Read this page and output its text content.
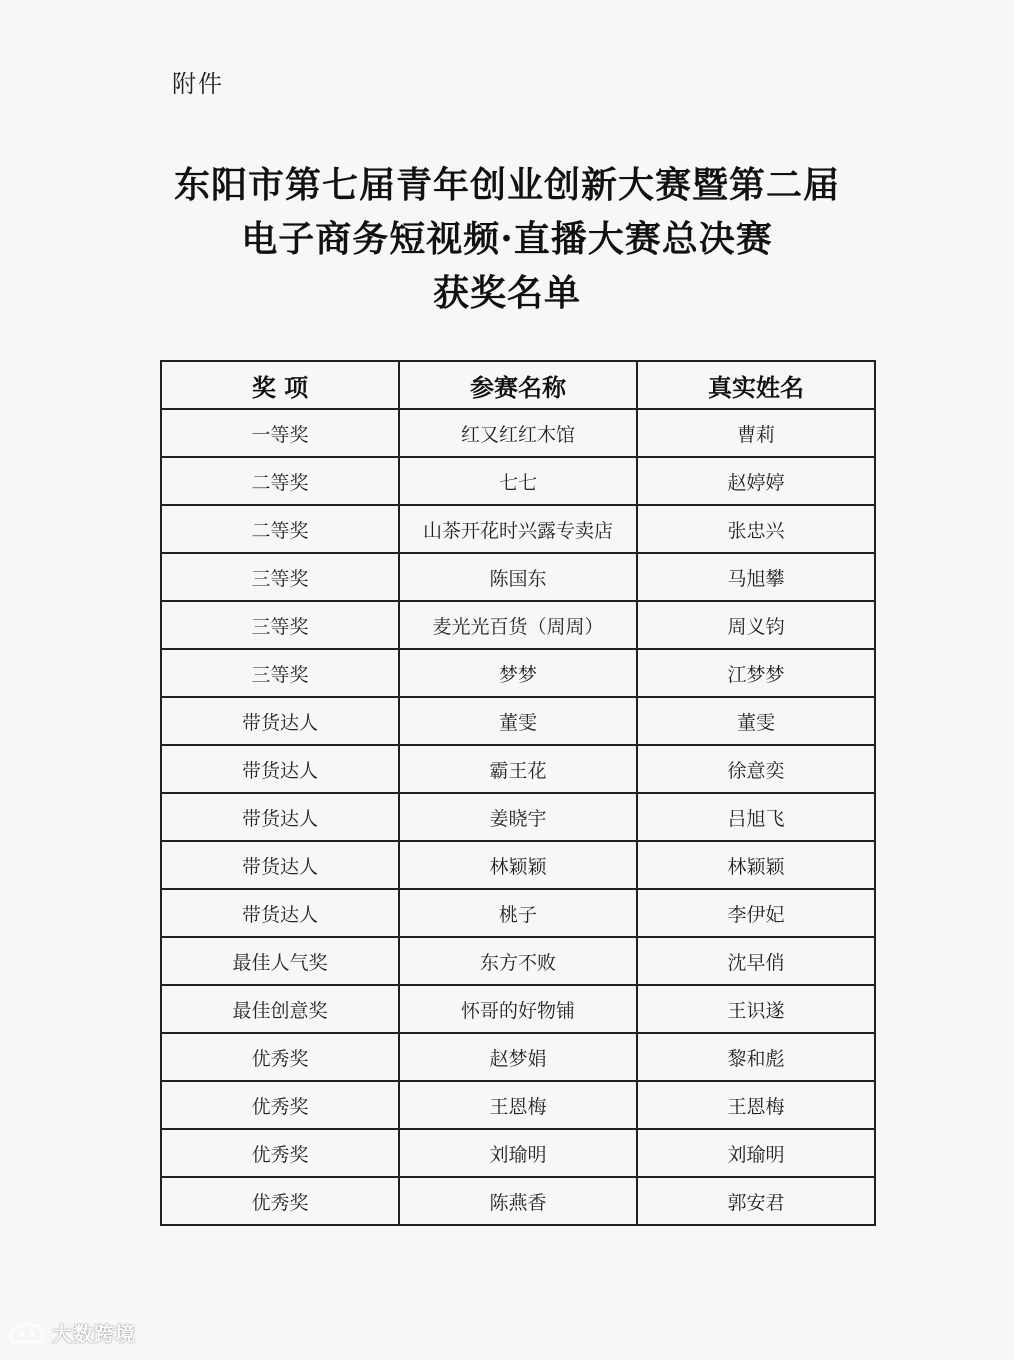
附件
东阳市第七届青年创业创新大赛暨第二届
电子商务短视频·直播大赛总决赛
获奖名单
奖 项	参赛名称	真实姓名
一等奖	红又红红木馆	曹莉
二等奖	七七	赵婷婷
二等奖	山茶开花时兴露专卖店	张忠兴
三等奖	陈国东	马旭攀
三等奖	麦光光百货（周周）	周义钧
三等奖	梦梦	江梦梦
带货达人	董雯	董雯
带货达人	霸王花	徐意奕
带货达人	姜晓宇	吕旭飞
带货达人	林颖颖	林颖颖
带货达人	桃子	李伊妃
最佳人气奖	东方不败	沈早俏
最佳创意奖	怀哥的好物铺	王识遂
优秀奖	赵梦娟	黎和彪
优秀奖	王恩梅	王恩梅
优秀奖	刘瑜明	刘瑜明
优秀奖	陈燕香	郭安君
大数跨境
